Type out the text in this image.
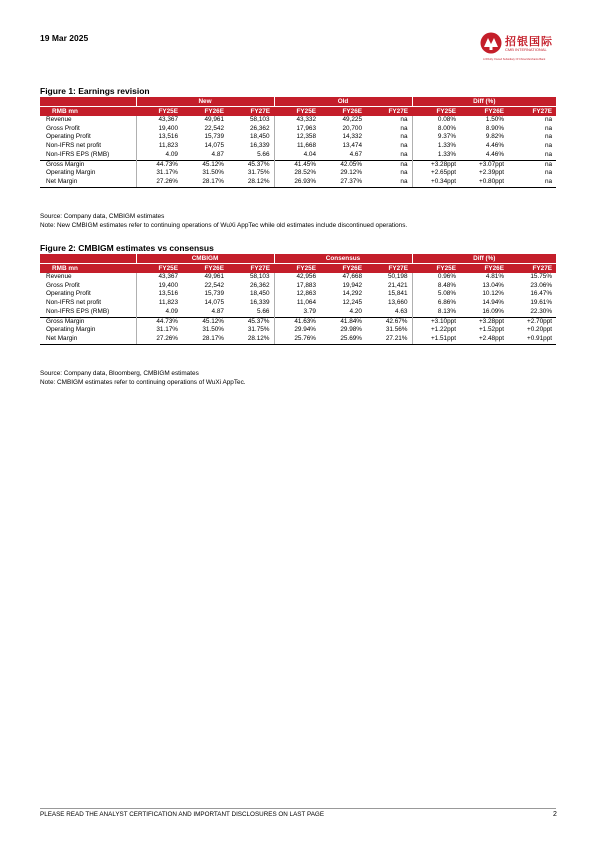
19 Mar 2025	招银国际
CMB INTERNATIONAL
A Wholly Owned Subsidiary Of China Merchants Bank
Figure 1: Earnings revision
	New			Old			Diff (%)		
RMB mn	FY25E	FY26E	FY27E	FY25E	FY26E	FY27E	FY25E	FY26E	FY27E
Revenue	43,367	49,961	58,103	43,332	49,225	na	0.08%	1.50%	na
Gross Profit	19,400	22,542	26,362	17,963	20,700	na	8.00%	8.90%	na
Operating Profit	13,516	15,739	18,450	12,358	14,332	na	9.37%	9.82%	na
Non-IFRS net profit	11,823	14,075	16,339	11,668	13,474	na	1.33%	4.46%	na
Non-IFRS EPS (RMB)	4.09	4.87	5.66	4.04	4.67	na	1.33%	4.46%	na
Gross Margin	44.73%	45.12%	45.37%	41.45%	42.05%	na	+3.28ppt	+3.07ppt	na
Operating Margin	31.17%	31.50%	31.75%	28.52%	29.12%	na	+2.65ppt	+2.39ppt	na
Net Margin	27.26%	28.17%	28.12%	26.93%	27.37%	na	+0.34ppt	+0.80ppt	na
Source: Company data, CMBIGM estimates
Note: New CMBIGM estimates refer to continuing operations of WuXi AppTec while old estimates include discontinued operations.
Figure 2: CMBIGM estimates vs consensus
	CMBIGM			Consensus			Diff (%)		
RMB mn	FY25E	FY26E	FY27E	FY25E	FY26E	FY27E	FY25E	FY26E	FY27E
Revenue	43,367	49,961	58,103	42,956	47,668	50,198	0.96%	4.81%	15.75%
Gross Profit	19,400	22,542	26,362	17,883	19,942	21,421	8.48%	13.04%	23.06%
Operating Profit	13,516	15,739	18,450	12,863	14,292	15,841	5.08%	10.12%	16.47%
Non-IFRS net profit	11,823	14,075	16,339	11,064	12,245	13,660	6.86%	14.94%	19.61%
Non-IFRS EPS (RMB)	4.09	4.87	5.66	3.79	4.20	4.63	8.13%	16.09%	22.30%
Gross Margin	44.73%	45.12%	45.37%	41.63%	41.84%	42.67%	+3.10ppt	+3.28ppt	+2.70ppt
Operating Margin	31.17%	31.50%	31.75%	29.94%	29.98%	31.56%	+1.22ppt	+1.52ppt	+0.20ppt
Net Margin	27.26%	28.17%	28.12%	25.76%	25.69%	27.21%	+1.51ppt	+2.48ppt	+0.91ppt
Source: Company data, Bloomberg, CMBIGM estimates
Note: CMBIGM estimates refer to continuing operations of WuXi AppTec.
PLEASE READ THE ANALYST CERTIFICATION AND IMPORTANT DISCLOSURES ON LAST PAGE	2
